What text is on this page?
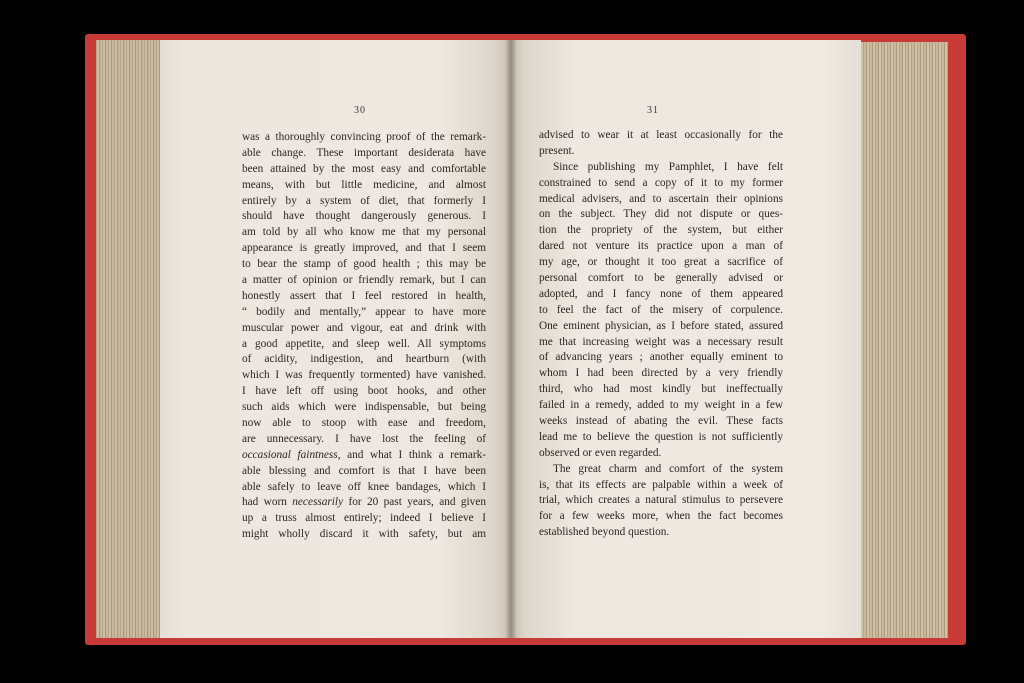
30
was a thoroughly convincing proof of the remark-
able change. These important desiderata have
been attained by the most easy and comfortable
means, with but little medicine, and almost
entirely by a system of diet, that formerly I
should have thought dangerously generous. I
am told by all who know me that my personal
appearance is greatly improved, and that I seem
to bear the stamp of good health ; this may be
a matter of opinion or friendly remark, but I can
honestly assert that I feel restored in health,
“ bodily and mentally,” appear to have more
muscular power and vigour, eat and drink with
a good appetite, and sleep well. All symptoms
of acidity, indigestion, and heartburn (with
which I was frequently tormented) have vanished.
I have left off using boot hooks, and other
such aids which were indispensable, but being
now able to stoop with ease and freedom,
are unnecessary. I have lost the feeling of
occasional faintness, and what I think a remark-
able blessing and comfort is that I have been
able safely to leave off knee bandages, which I
had worn necessarily for 20 past years, and given
up a truss almost entirely; indeed I believe I
might wholly discard it with safety, but am
31
advised to wear it at least occasionally for the
present.
Since publishing my Pamphlet, I have felt
constrained to send a copy of it to my former
medical advisers, and to ascertain their opinions
on the subject. They did not dispute or ques-
tion the propriety of the system, but either
dared not venture its practice upon a man of
my age, or thought it too great a sacrifice of
personal comfort to be generally advised or
adopted, and I fancy none of them appeared
to feel the fact of the misery of corpulence.
One eminent physician, as I before stated, assured
me that increasing weight was a necessary result
of advancing years ; another equally eminent to
whom I had been directed by a very friendly
third, who had most kindly but ineffectually
failed in a remedy, added to my weight in a few
weeks instead of abating the evil. These facts
lead me to believe the question is not sufficiently
observed or even regarded.
The great charm and comfort of the system
is, that its effects are palpable within a week of
trial, which creates a natural stimulus to persevere
for a few weeks more, when the fact becomes
established beyond question.
